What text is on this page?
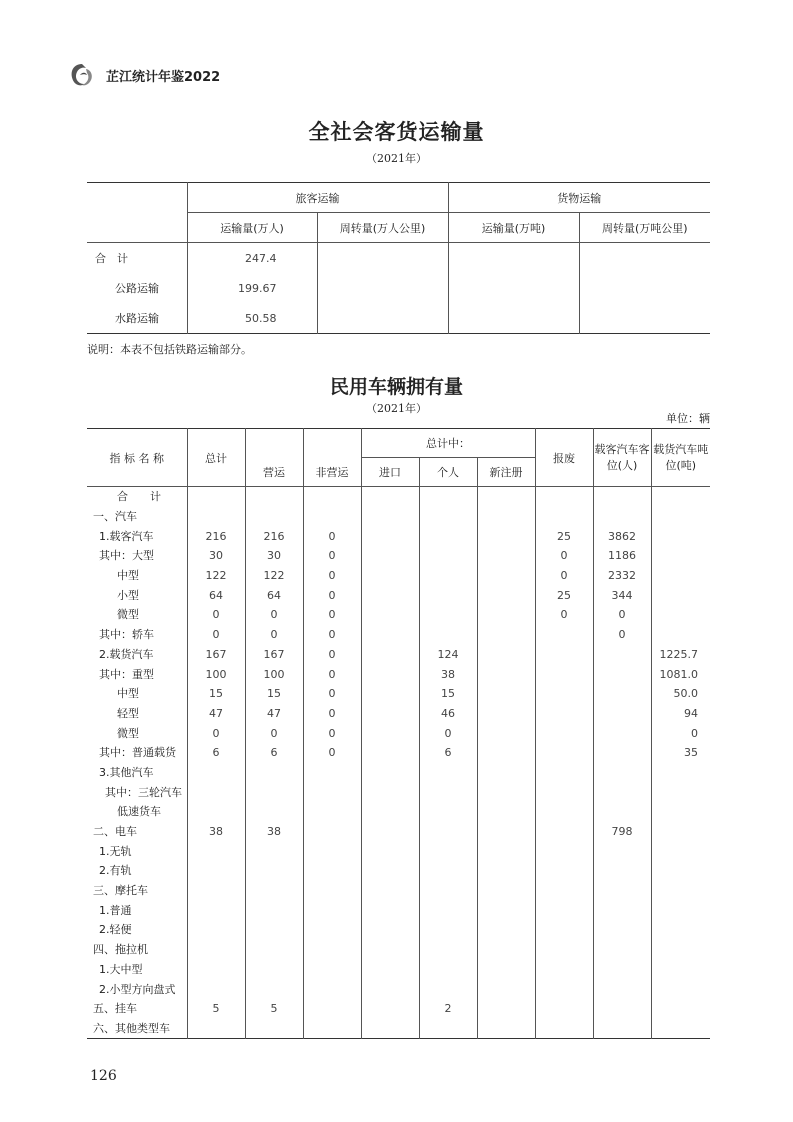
芷江统计年鉴2022
全社会客货运输量
（2021年）
	旅客运输		货物运输	
	运输量(万人)	周转量(万人公里)	运输量(万吨)	周转量(万吨公里)
合　计	247.4			
公路运输	199.67			
水路运输	50.58			
说明：本表不包括铁路运输部分。
民用车辆拥有量
（2021年）
单位：辆
指 标 名 称	总计			总计中：			报废	载客汽车客位(人)	载货汽车吨位(吨)
		营运	非营运	进口	个人	新注册			
合　　计									
一、汽车									
1.载客汽车	216	216	0				25	3862	
其中：大型	30	30	0				0	1186	
中型	122	122	0				0	2332	
小型	64	64	0				25	344	
微型	0	0	0				0	0	
其中：轿车	0	0	0					0	
2.载货汽车	167	167	0		124				1225.7
其中：重型	100	100	0		38				1081.0
中型	15	15	0		15				50.0
轻型	47	47	0		46				94
微型	0	0	0		0				0
其中：普通载货	6	6	0		6				35
3.其他汽车									
其中：三轮汽车									
低速货车									
二、电车	38	38						798	
1.无轨									
2.有轨									
三、摩托车									
1.普通									
2.轻便									
四、拖拉机									
1.大中型									
2.小型方向盘式									
五、挂车	5	5			2				
六、其他类型车									
126
